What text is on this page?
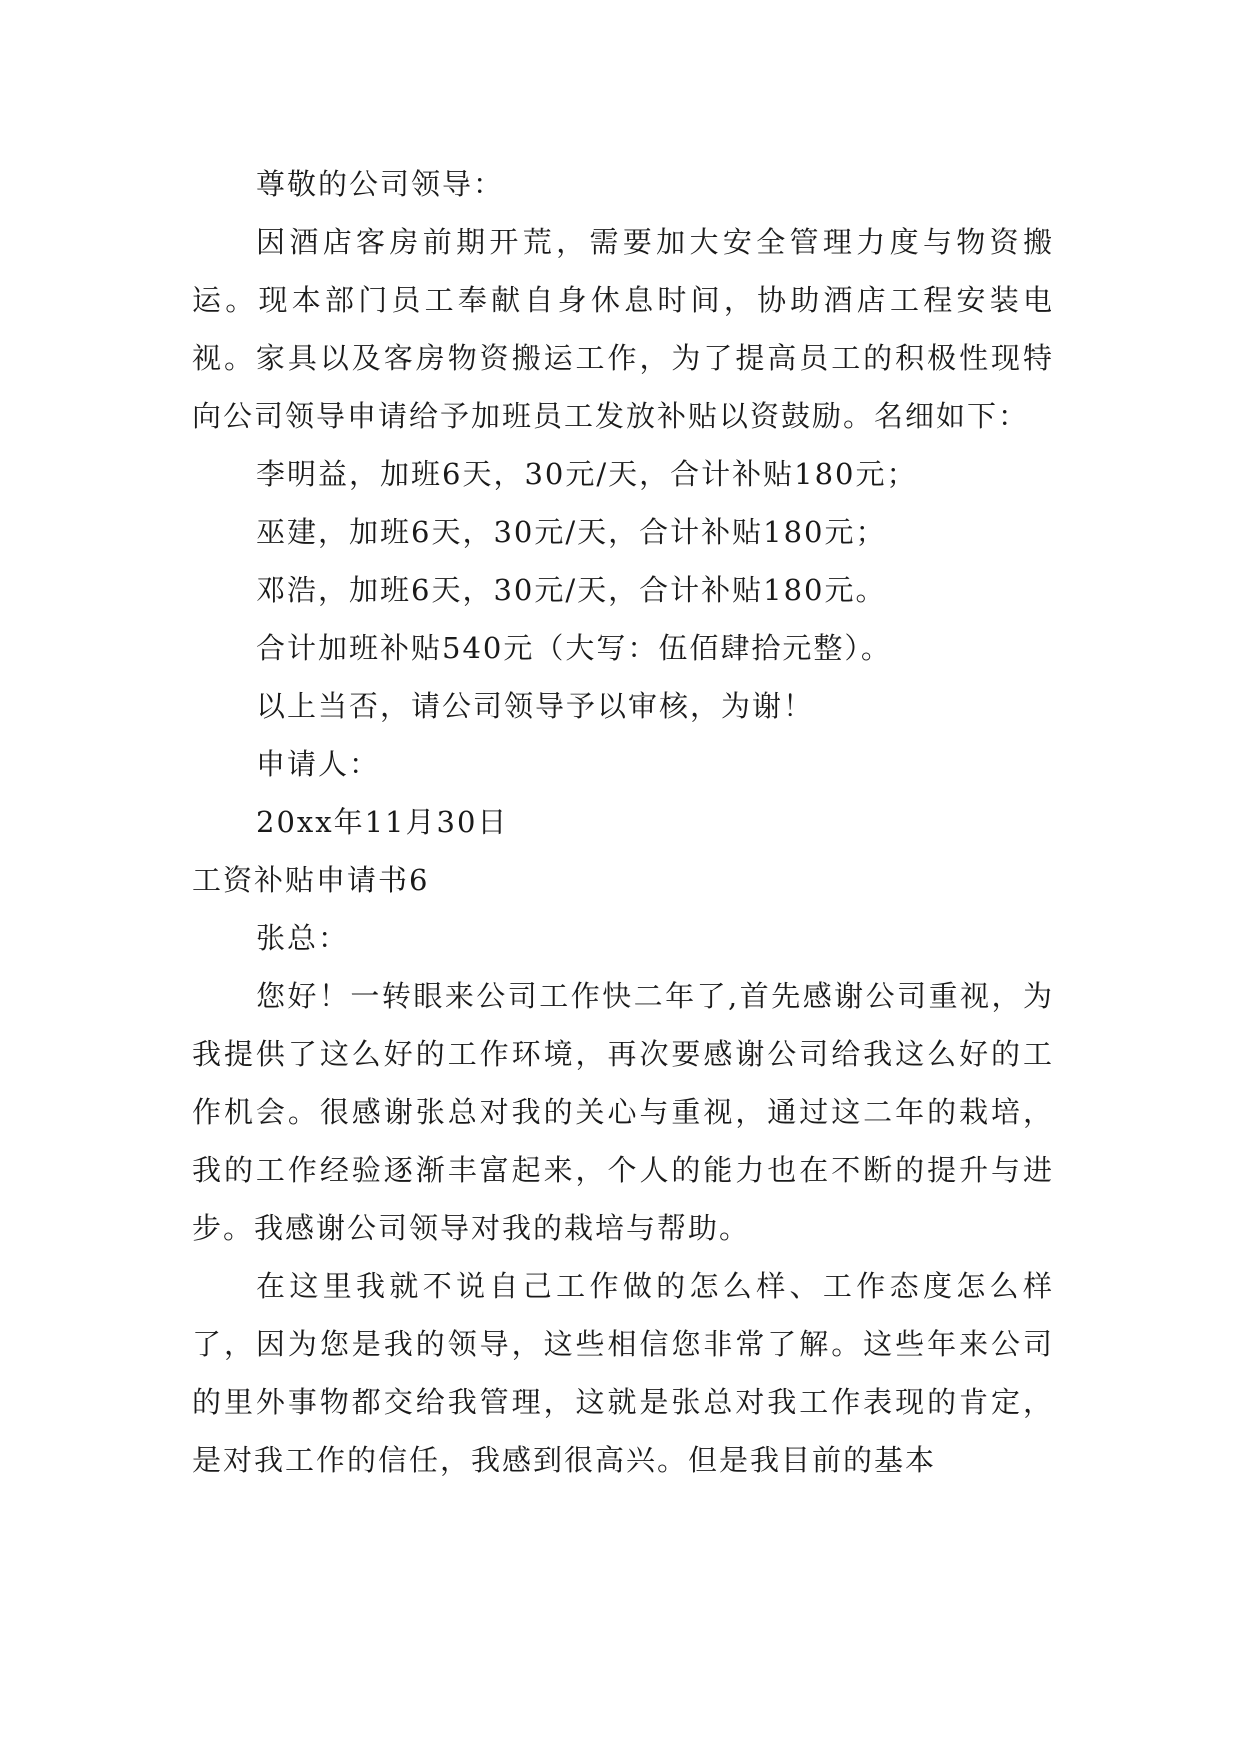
尊敬的公司领导：

因酒店客房前期开荒，需要加大安全管理力度与物资搬运。现本部门员工奉献自身休息时间，协助酒店工程安装电视。家具以及客房物资搬运工作，为了提高员工的积极性现特向公司领导申请给予加班员工发放补贴以资鼓励。名细如下：

李明益，加班6天，30元/天，合计补贴180元；

巫建，加班6天，30元/天，合计补贴180元；

邓浩，加班6天，30元/天，合计补贴180元。

合计加班补贴540元（大写：伍佰肆拾元整）。

以上当否，请公司领导予以审核，为谢！

申请人：

20xx年11月30日

工资补贴申请书6

张总：

您好！一转眼来公司工作快二年了,首先感谢公司重视，为我提供了这么好的工作环境，再次要感谢公司给我这么好的工作机会。很感谢张总对我的关心与重视，通过这二年的栽培，我的工作经验逐渐丰富起来，个人的能力也在不断的提升与进步。我感谢公司领导对我的栽培与帮助。

在这里我就不说自己工作做的怎么样、工作态度怎么样了，因为您是我的领导，这些相信您非常了解。这些年来公司的里外事物都交给我管理，这就是张总对我工作表现的肯定，是对我工作的信任，我感到很高兴。但是我目前的基本
